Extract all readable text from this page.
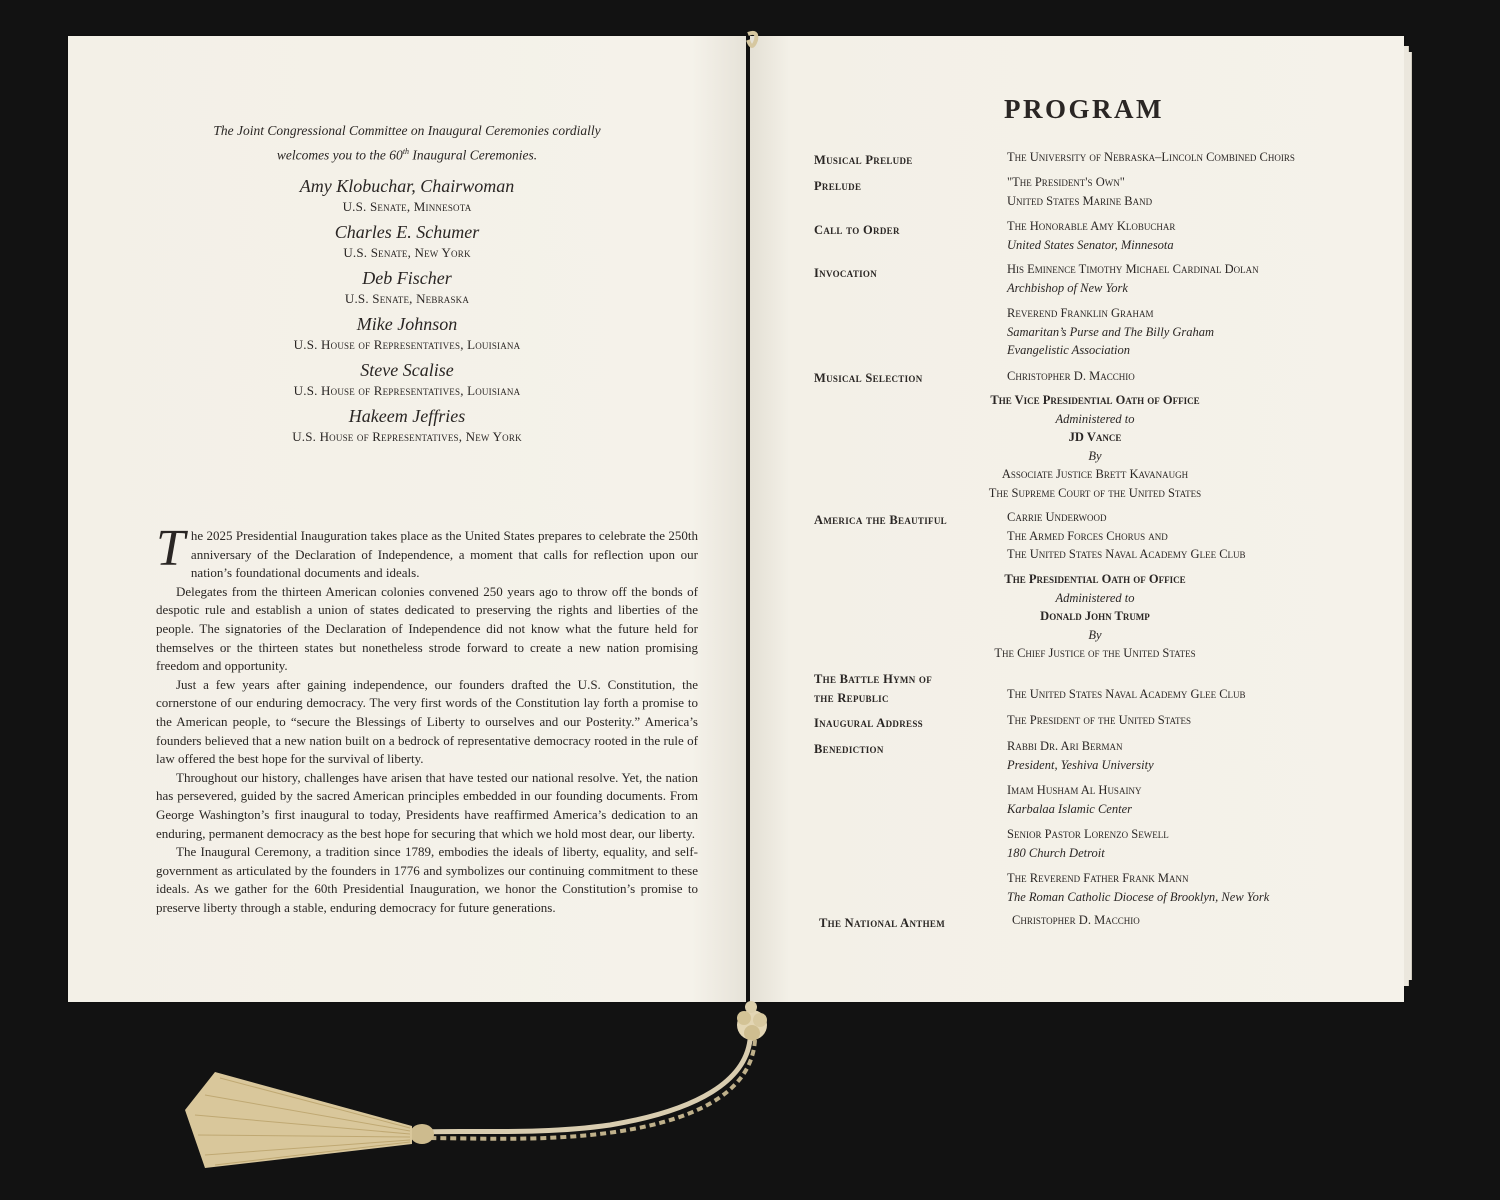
The Joint Congressional Committee on Inaugural Ceremonies cordially
welcomes you to the 60th Inaugural Ceremonies.
Amy Klobuchar, Chairwoman
U.S. Senate, Minnesota
Charles E. Schumer
U.S. Senate, New York
Deb Fischer
U.S. Senate, Nebraska
Mike Johnson
U.S. House of Representatives, Louisiana
Steve Scalise
U.S. House of Representatives, Louisiana
Hakeem Jeffries
U.S. House of Representatives, New York

The 2025 Presidential Inauguration takes place as the United States prepares to celebrate the 250th anniversary of the Declaration of Independence, a moment that calls for reflection upon our nation’s foundational documents and ideals.

Delegates from the thirteen American colonies convened 250 years ago to throw off the bonds of despotic rule and establish a union of states dedicated to preserving the rights and liberties of the people. The signatories of the Declaration of Independence did not know what the future held for themselves or the thirteen states but nonetheless strode forward to create a new nation promising freedom and opportunity.

Just a few years after gaining independence, our founders drafted the U.S. Constitution, the cornerstone of our enduring democracy. The very first words of the Constitution lay forth a promise to the American people, to “secure the Blessings of Liberty to ourselves and our Posterity.” America’s founders believed that a new nation built on a bedrock of representative democracy rooted in the rule of law offered the best hope for the survival of liberty.

Throughout our history, challenges have arisen that have tested our national resolve. Yet, the nation has persevered, guided by the sacred American principles embedded in our founding documents. From George Washington’s first inaugural to today, Presidents have reaffirmed America’s dedication to an enduring, permanent democracy as the best hope for securing that which we hold most dear, our liberty.

The Inaugural Ceremony, a tradition since 1789, embodies the ideals of liberty, equality, and self-government as articulated by the founders in 1776 and symbolizes our continuing commitment to these ideals. As we gather for the 60th Presidential Inauguration, we honor the Constitution’s promise to preserve liberty through a stable, enduring democracy for future generations.

PROGRAM
Musical Prelude	The University of Nebraska–Lincoln Combined Choirs
Prelude	"The President's Own"
United States Marine Band
Call to Order	The Honorable Amy Klobuchar
United States Senator, Minnesota
Invocation	His Eminence Timothy Michael Cardinal Dolan
Archbishop of New York
Reverend Franklin Graham
Samaritan’s Purse and The Billy Graham
Evangelistic Association
Musical Selection	Christopher D. Macchio
The Vice Presidential Oath of Office
Administered to
JD Vance
By
Associate Justice Brett Kavanaugh
The Supreme Court of the United States
America the Beautiful	Carrie Underwood
The Armed Forces Chorus and
The United States Naval Academy Glee Club
The Presidential Oath of Office
Administered to
Donald John Trump
By
The Chief Justice of the United States
The Battle Hymn of
the Republic	The United States Naval Academy Glee Club
Inaugural Address	The President of the United States
Benediction	Rabbi Dr. Ari Berman
President, Yeshiva University
Imam Husham Al Husainy
Karbalaa Islamic Center
Senior Pastor Lorenzo Sewell
180 Church Detroit
The Reverend Father Frank Mann
The Roman Catholic Diocese of Brooklyn, New York
The National Anthem	Christopher D. Macchio
